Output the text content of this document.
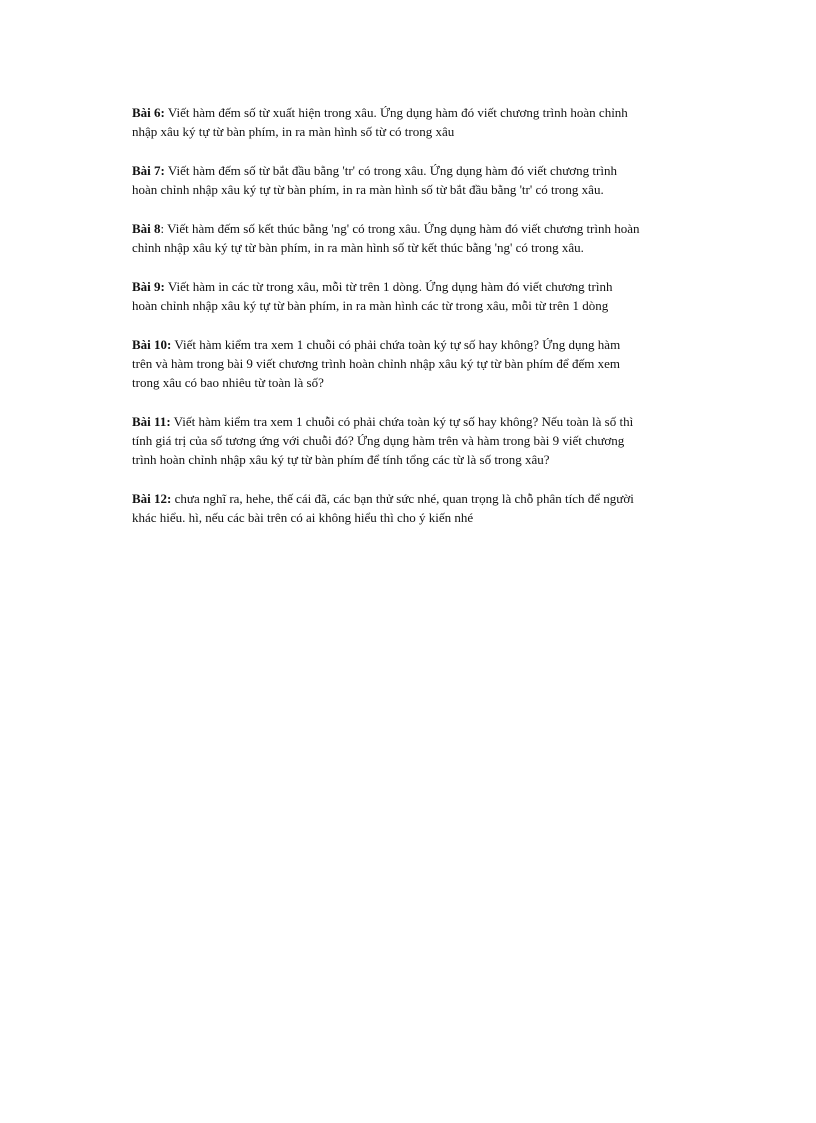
Bài 6: Viết hàm đếm số từ xuất hiện trong xâu. Ứng dụng hàm đó viết chương trình hoàn chỉnh
nhập xâu ký tự từ bàn phím, in ra màn hình số từ có trong xâu
Bài 7: Viết hàm đếm số từ bắt đầu bằng 'tr' có trong xâu. Ứng dụng hàm đó viết chương trình
hoàn chỉnh nhập xâu ký tự từ bàn phím, in ra màn hình số từ bắt đầu bằng 'tr' có trong xâu.
Bài 8: Viết hàm đếm số kết thúc bằng 'ng' có trong xâu. Ứng dụng hàm đó viết chương trình hoàn
chỉnh nhập xâu ký tự từ bàn phím, in ra màn hình số từ kết thúc bằng 'ng' có trong xâu.
Bài 9: Viết hàm in các từ trong xâu, mỗi từ trên 1 dòng. Ứng dụng hàm đó viết chương trình
hoàn chỉnh nhập xâu ký tự từ bàn phím, in ra màn hình các từ trong xâu, mỗi từ trên 1 dòng
Bài 10: Viết hàm kiểm tra xem 1 chuỗi có phải chứa toàn ký tự số hay không? Ứng dụng hàm
trên và hàm trong bài 9 viết chương trình hoàn chỉnh nhập xâu ký tự từ bàn phím để đếm xem
trong xâu có bao nhiêu từ toàn là số?
Bài 11: Viết hàm kiểm tra xem 1 chuỗi có phải chứa toàn ký tự số hay không? Nếu toàn là số thì
tính giá trị của số tương ứng với chuỗi đó? Ứng dụng hàm trên và hàm trong bài 9 viết chương
trình hoàn chỉnh nhập xâu ký tự từ bàn phím để tính tổng các từ là số trong xâu?
Bài 12: chưa nghĩ ra, hehe, thế cái đã, các bạn thử sức nhé, quan trọng là chỗ phân tích để người
khác hiểu. hì, nếu các bài trên có ai không hiểu thì cho ý kiến nhé
